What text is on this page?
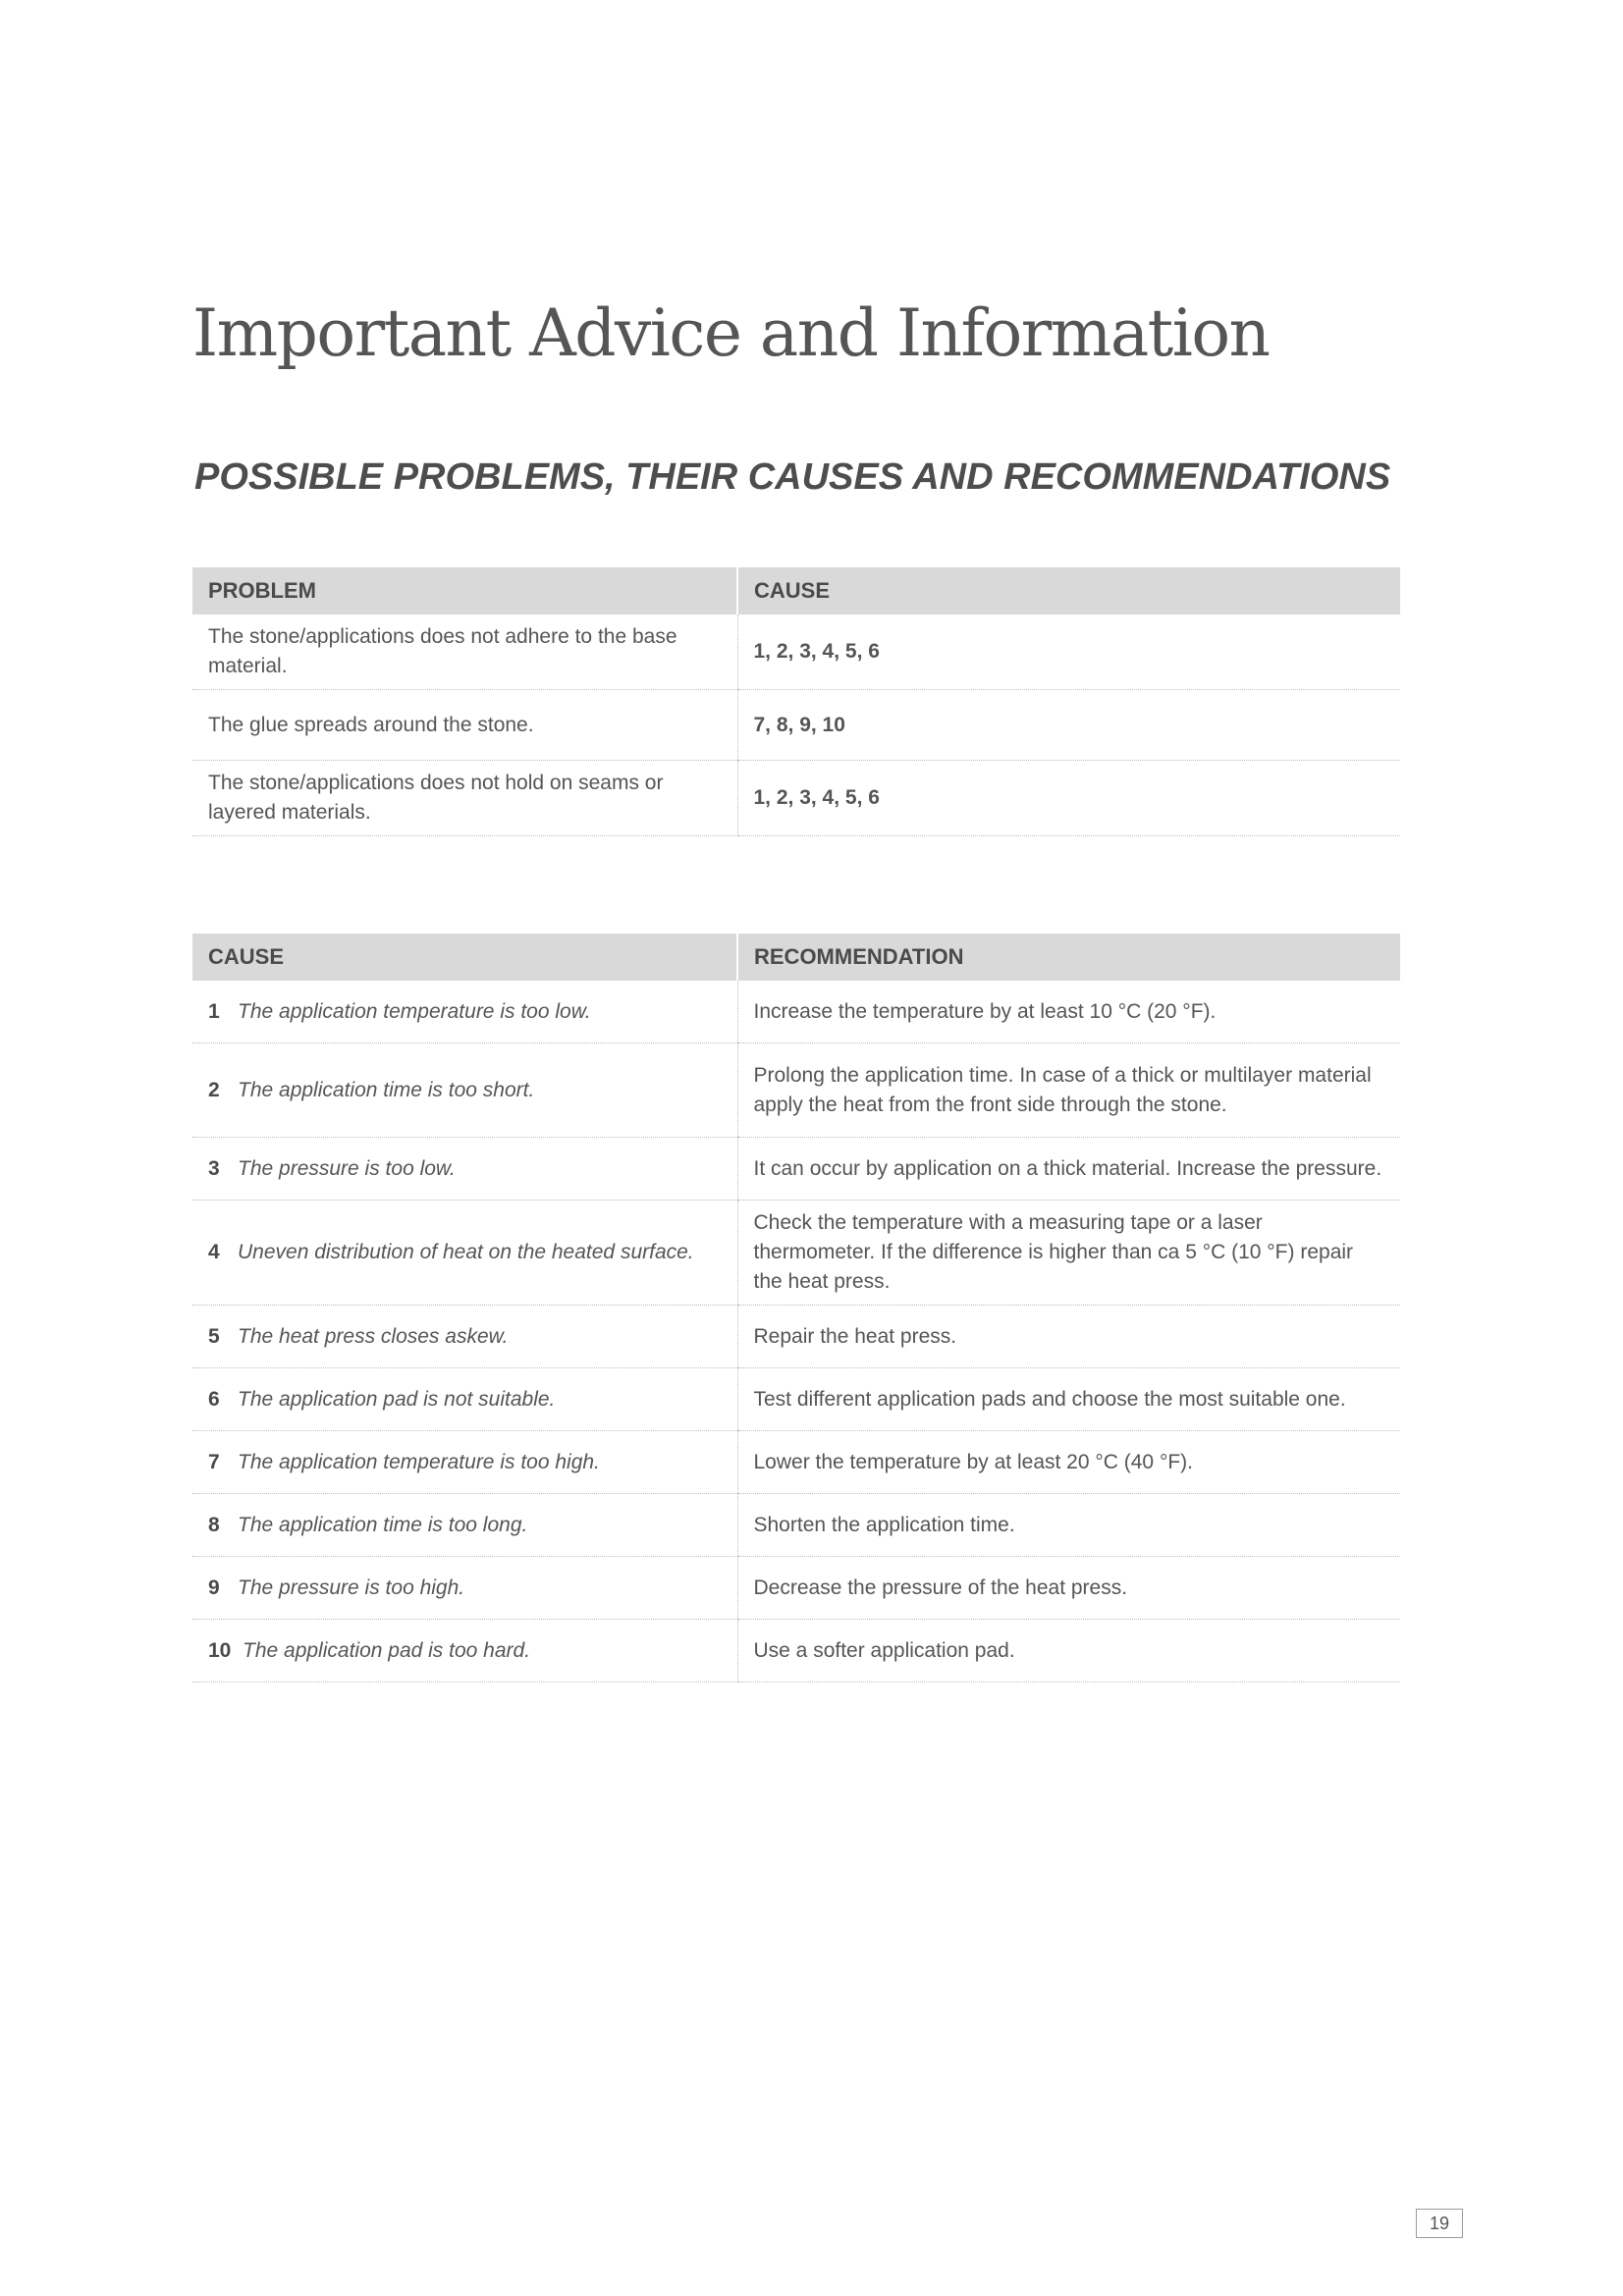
Important Advice and Information
POSSIBLE PROBLEMS, THEIR CAUSES AND RECOMMENDATIONS
PROBLEM	CAUSE
The stone/applications does not adhere to the base material.	1, 2, 3, 4, 5, 6
The glue spreads around the stone.	7, 8, 9, 10
The stone/applications does not hold on seams or layered materials.	1, 2, 3, 4, 5, 6
CAUSE	RECOMMENDATION
1 The application temperature is too low.	Increase the temperature by at least 10 °C (20 °F).
2 The application time is too short.	Prolong the application time. In case of a thick or multilayer material apply the heat from the front side through the stone.
3 The pressure is too low.	It can occur by application on a thick material. Increase the pressure.
4 Uneven distribution of heat on the heated surface.	Check the temperature with a measuring tape or a laser thermometer. If the difference is higher than ca 5 °C (10 °F) repair the heat press.
5 The heat press closes askew.	Repair the heat press.
6 The application pad is not suitable.	Test different application pads and choose the most suitable one.
7 The application temperature is too high.	Lower the temperature by at least 20 °C (40 °F).
8 The application time is too long.	Shorten the application time.
9 The pressure is too high.	Decrease the pressure of the heat press.
10 The application pad is too hard.	Use a softer application pad.
19
